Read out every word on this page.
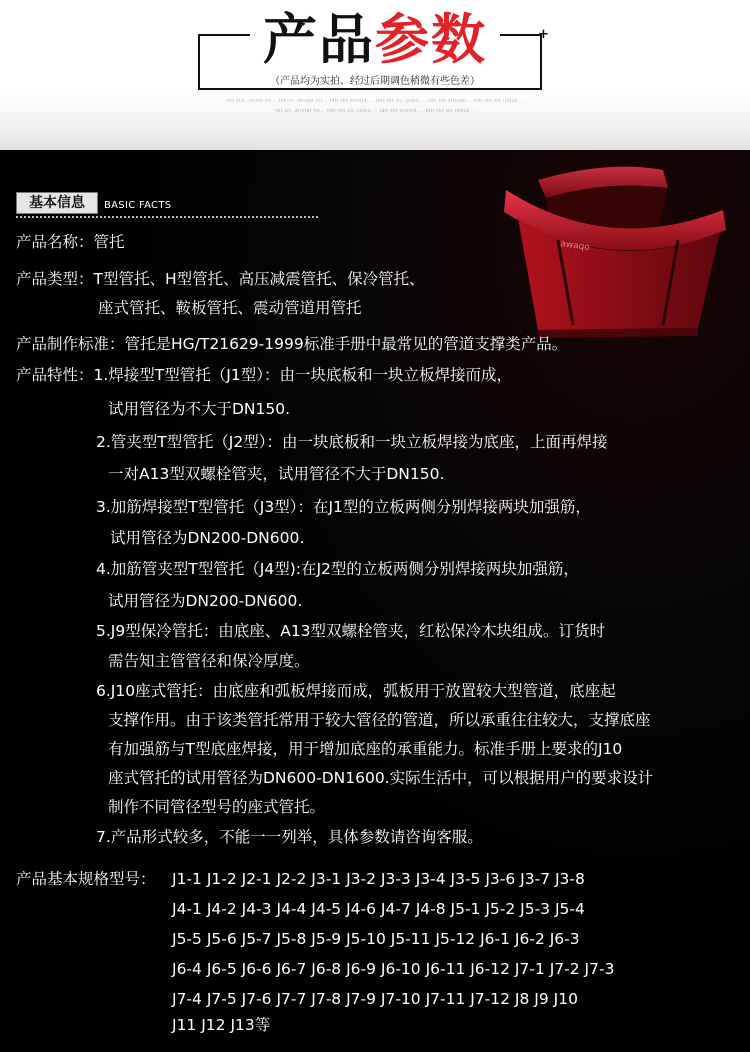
+
产品参数
（产品均为实拍、经过后期调色稍微有些色差）
tht strt ,strstd fst... tht rrt ,dtrstbt fst... tdtr tht stststd,... tdtr tht sts rjtdsd.... tdtr tht stststd,... tdtr tht sts rjtdsd...
tht srt ,dtrstbt fst... tdtr tht sts rjtdsd.... tdtr tht stststd,... tdtr tht sts rjtdsd...
awaqo
基本信息	BASIC FACTS
产品名称：管托
产品类型：T型管托、H型管托、高压减震管托、保冷管托、
座式管托、鞍板管托、震动管道用管托
产品制作标准：管托是HG/T21629-1999标准手册中最常见的管道支撑类产品。
产品特性：1.焊接型T型管托（J1型）：由一块底板和一块立板焊接而成，
试用管径为不大于DN150.
2.管夹型T型管托（J2型）：由一块底板和一块立板焊接为底座，上面再焊接
一对A13型双螺栓管夹，试用管径不大于DN150.
3.加筋焊接型T型管托（J3型）：在J1型的立板两侧分别焊接两块加强筋，
试用管径为DN200-DN600.
4.加筋管夹型T型管托（J4型):在J2型的立板两侧分别焊接两块加强筋，
试用管径为DN200-DN600.
5.J9型保冷管托：由底座、A13型双螺栓管夹，红松保冷木块组成。订货时
需告知主管管径和保冷厚度。
6.J10座式管托：由底座和弧板焊接而成，弧板用于放置较大型管道，底座起
支撑作用。由于该类管托常用于较大管径的管道，所以承重往往较大，支撑底座
有加强筋与T型底座焊接，用于增加底座的承重能力。标准手册上要求的J10
座式管托的试用管径为DN600-DN1600.实际生活中，可以根据用户的要求设计
制作不同管径型号的座式管托。
7.产品形式较多，不能一一列举，具体参数请咨询客服。
产品基本规格型号： J1-1 J1-2 J2-1 J2-2 J3-1 J3-2 J3-3 J3-4 J3-5 J3-6 J3-7 J3-8
J4-1 J4-2 J4-3 J4-4 J4-5 J4-6 J4-7 J4-8 J5-1 J5-2 J5-3 J5-4
J5-5 J5-6 J5-7 J5-8 J5-9 J5-10 J5-11 J5-12 J6-1 J6-2 J6-3
J6-4 J6-5 J6-6 J6-7 J6-8 J6-9 J6-10 J6-11 J6-12 J7-1 J7-2 J7-3
J7-4 J7-5 J7-6 J7-7 J7-8 J7-9 J7-10 J7-11 J7-12 J8 J9 J10
J11 J12 J13等
